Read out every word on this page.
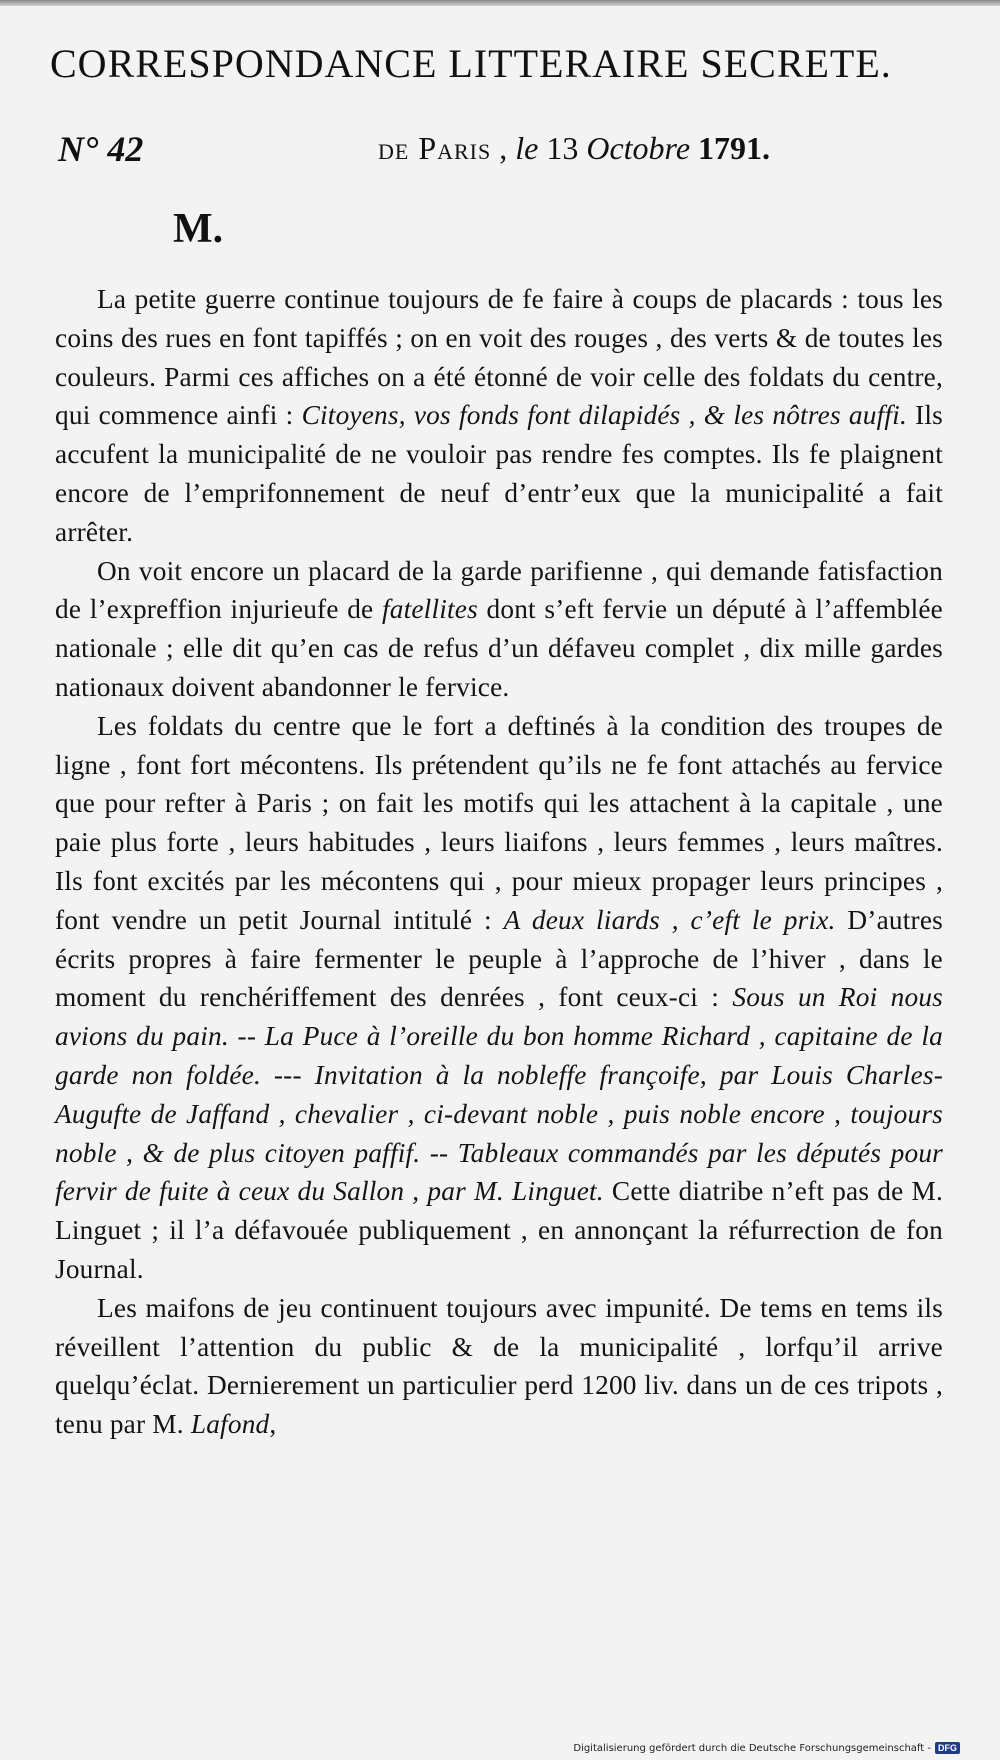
CORRESPONDANCE LITTERAIRE SECRETE.
N° 42	de Paris , le 13 Octobre 1791.
M.

La petite guerre continue toujours de fe faire à coups de placards : tous les coins des rues en font tapiffés ; on en voit des rouges , des verts & de toutes les couleurs. Parmi ces affiches on a été étonné de voir celle des foldats du centre, qui commence ainfi : Citoyens, vos fonds font dilapidés , & les nôtres auffi. Ils accufent la municipalité de ne vouloir pas rendre fes comptes. Ils fe plaignent encore de l’emprifonnement de neuf d’entr’eux que la municipalité a fait arrêter.

On voit encore un placard de la garde parifienne , qui demande fatisfaction de l’expreffion injurieufe de fatellites dont s’eft fervie un député à l’affemblée nationale ; elle dit qu’en cas de refus d’un défaveu complet , dix mille gardes nationaux doivent abandonner le fervice.

Les foldats du centre que le fort a deftinés à la condition des troupes de ligne , font fort mécontens. Ils prétendent qu’ils ne fe font attachés au fervice que pour refter à Paris ; on fait les motifs qui les attachent à la capitale , une paie plus forte , leurs habitudes , leurs liaifons , leurs femmes , leurs maîtres. Ils font excités par les mécontens qui , pour mieux propager leurs principes , font vendre un petit Journal intitulé : A deux liards , c’eft le prix. D’autres écrits propres à faire fermenter le peuple à l’approche de l’hiver , dans le moment du renchériffement des denrées , font ceux-ci : Sous un Roi nous avions du pain. -- La Puce à l’oreille du bon homme Richard , capitaine de la garde non foldée. --- Invitation à la nobleffe françoife, par Louis Charles-Augufte de Jaffand , chevalier , ci-devant noble , puis noble encore , toujours noble , & de plus citoyen paffif. -- Tableaux commandés par les députés pour fervir de fuite à ceux du Sallon , par M. Linguet. Cette diatribe n’eft pas de M. Linguet ; il l’a défavouée publiquement , en annonçant la réfurrection de fon Journal.

Les maifons de jeu continuent toujours avec impunité. De tems en tems ils réveillent l’attention du public & de la municipalité , lorfqu’il arrive quelqu’éclat. Dernierement un particulier perd 1200 liv. dans un de ces tripots , tenu par M. Lafond,

Digitalisierung gefördert durch die Deutsche Forschungsgemeinschaft - DFG
